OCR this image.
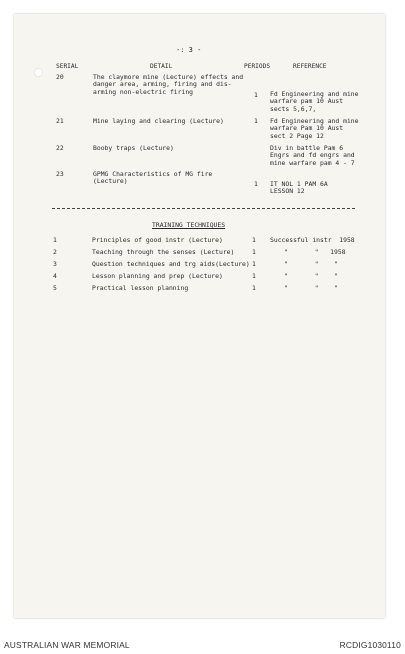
-: 3 -
SERIAL	DETAIL	PERIODS	REFERENCE
20	The claymore mine (Lecture) effects and
danger area, arming, firing and dis-
arming non-electric firing	1 Fd Engineering and mine
warfare pam 10 Aust
sects 5,6,7,
21	Mine laying and clearing (Lecture)	1 Fd Engineering and mine
warfare Pam 10 Aust
sect 2 Page 12
22	Booby traps (Lecture)	Div in battle Pam 6
Engrs and fd engrs and
mine warfare pam 4 - 7
23	GPMG Characteristics of MG fire
(Lecture)	1 IT NOL 1 PAM 6A
LESSON 12
TRAINING TECHNIQUES
1	Principles of good instr (Lecture)	1 Successful instr  1958
2	Teaching through the senses (Lecture)	1	"       "   1958
3	Question techniques and trg aids(Lecture) 1	"       "    "
4	Lesson planning and prep (Lecture)	1	"       "    "
5	Practical lesson planning	1	"       "    "
AUSTRALIAN WAR MEMORIAL	RCDIG1030110
